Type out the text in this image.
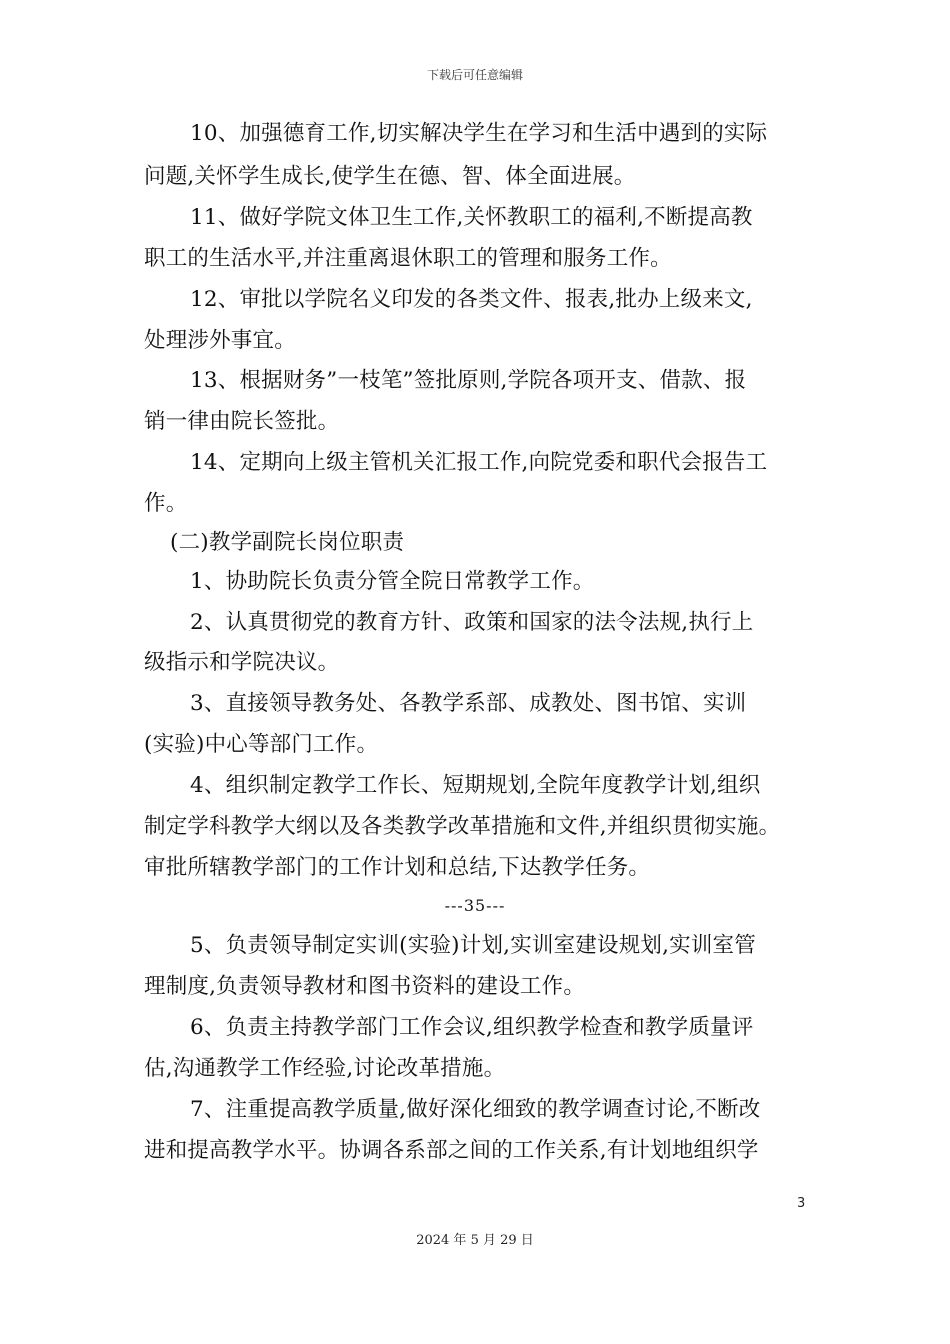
下载后可任意编辑
10、加强德育工作,切实解决学生在学习和生活中遇到的实际
问题,关怀学生成长,使学生在德、智、体全面进展。
11、做好学院文体卫生工作,关怀教职工的福利,不断提高教
职工的生活水平,并注重离退休职工的管理和服务工作。
12、审批以学院名义印发的各类文件、报表,批办上级来文,
处理涉外事宜。
13、根据财务”一枝笔”签批原则,学院各项开支、借款、报
销一律由院长签批。
14、定期向上级主管机关汇报工作,向院党委和职代会报告工
作。
(二)教学副院长岗位职责
1、协助院长负责分管全院日常教学工作。
2、认真贯彻党的教育方针、政策和国家的法令法规,执行上
级指示和学院决议。
3、直接领导教务处、各教学系部、成教处、图书馆、实训
(实验)中心等部门工作。
4、组织制定教学工作长、短期规划,全院年度教学计划,组织
制定学科教学大纲以及各类教学改革措施和文件,并组织贯彻实施。
审批所辖教学部门的工作计划和总结,下达教学任务。
---35---
5、负责领导制定实训(实验)计划,实训室建设规划,实训室管
理制度,负责领导教材和图书资料的建设工作。
6、负责主持教学部门工作会议,组织教学检查和教学质量评
估,沟通教学工作经验,讨论改革措施。
7、注重提高教学质量,做好深化细致的教学调查讨论,不断改
进和提高教学水平。协调各系部之间的工作关系,有计划地组织学
3
2024 年 5 月 29 日
